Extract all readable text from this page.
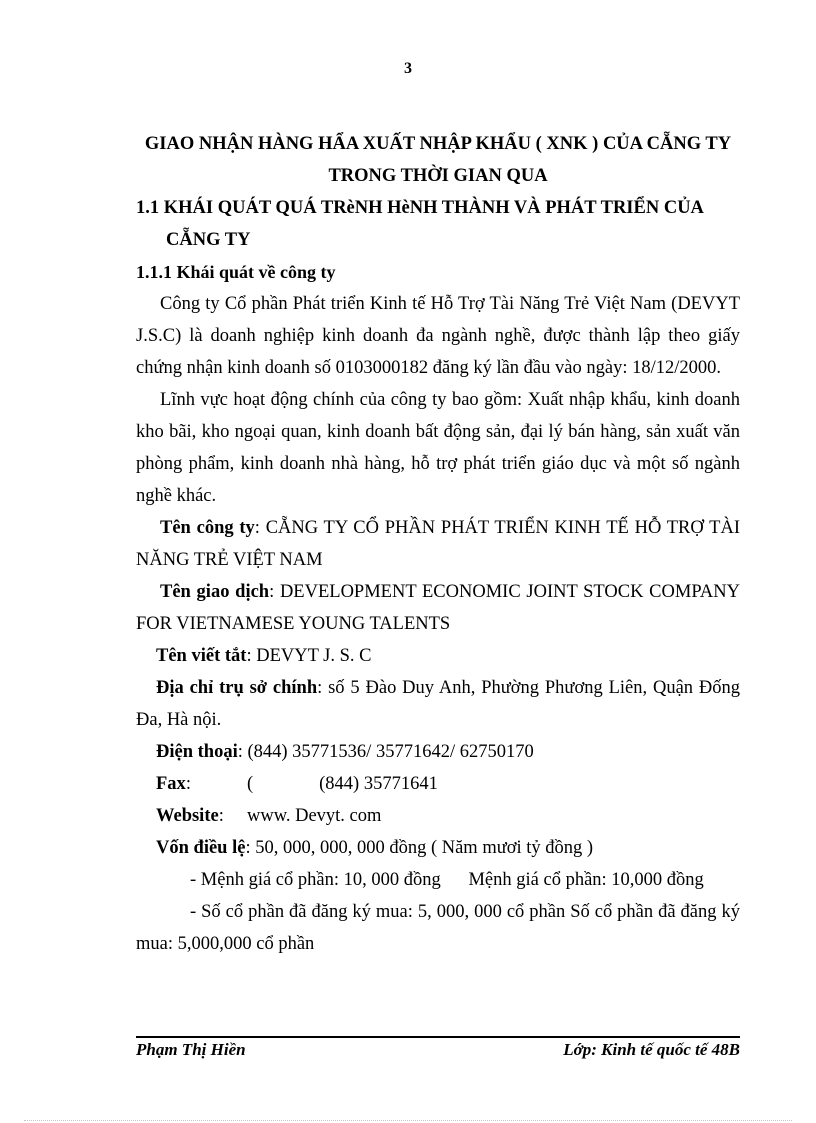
3
GIAO NHẬN HÀNG HẨA XUẤT NHẬP KHẨU ( XNK ) CỦA CẴNG TY
TRONG THỜI GIAN QUA
1.1 KHÁI QUÁT QUÁ TRèNH HèNH THÀNH VÀ PHÁT TRIỂN CỦA
CẴNG TY
1.1.1 Khái quát về công ty

Công ty Cổ phần Phát triển Kinh tế Hỗ Trợ Tài Năng Trẻ Việt Nam (DEVYT J.S.C) là doanh nghiệp kinh doanh đa ngành nghề, được thành lập theo giấy chứng nhận kinh doanh số 0103000182 đăng ký lần đầu vào ngày: 18/12/2000.

Lĩnh vực hoạt động chính của công ty bao gồm: Xuất nhập khẩu, kinh doanh kho bãi, kho ngoại quan, kinh doanh bất động sản, đại lý bán hàng, sản xuất văn phòng phẩm, kinh doanh nhà hàng, hỗ trợ phát triển giáo dục và một số ngành nghề khác.

Tên công ty: CẴNG TY CỔ PHẦN PHÁT TRIỂN KINH TẾ HỖ TRỢ TÀI NĂNG TRẺ VIỆT NAM

Tên giao dịch: DEVELOPMENT ECONOMIC JOINT STOCK COMPANY FOR VIETNAMESE YOUNG TALENTS

Tên viết tắt: DEVYT J. S. C

Địa chỉ trụ sở chính: số 5 Đào Duy Anh, Phường Phương Liên, Quận Đống Đa, Hà nội.

Điện thoại: (844) 35771536/ 35771642/ 62750170

Fax:	(	(844) 35771641

Website:     www. Devyt. com

Vốn điều lệ: 50, 000, 000, 000 đồng ( Năm mươi tỷ đồng )

- Mệnh giá cổ phần: 10, 000 đồng      Mệnh giá cổ phần: 10,000 đồng

- Số cổ phần đã đăng ký mua: 5, 000, 000 cổ phần Số cổ phần đã đăng ký mua: 5,000,000 cổ phần

Phạm Thị Hiền	Lớp: Kinh tế quốc tế 48B
